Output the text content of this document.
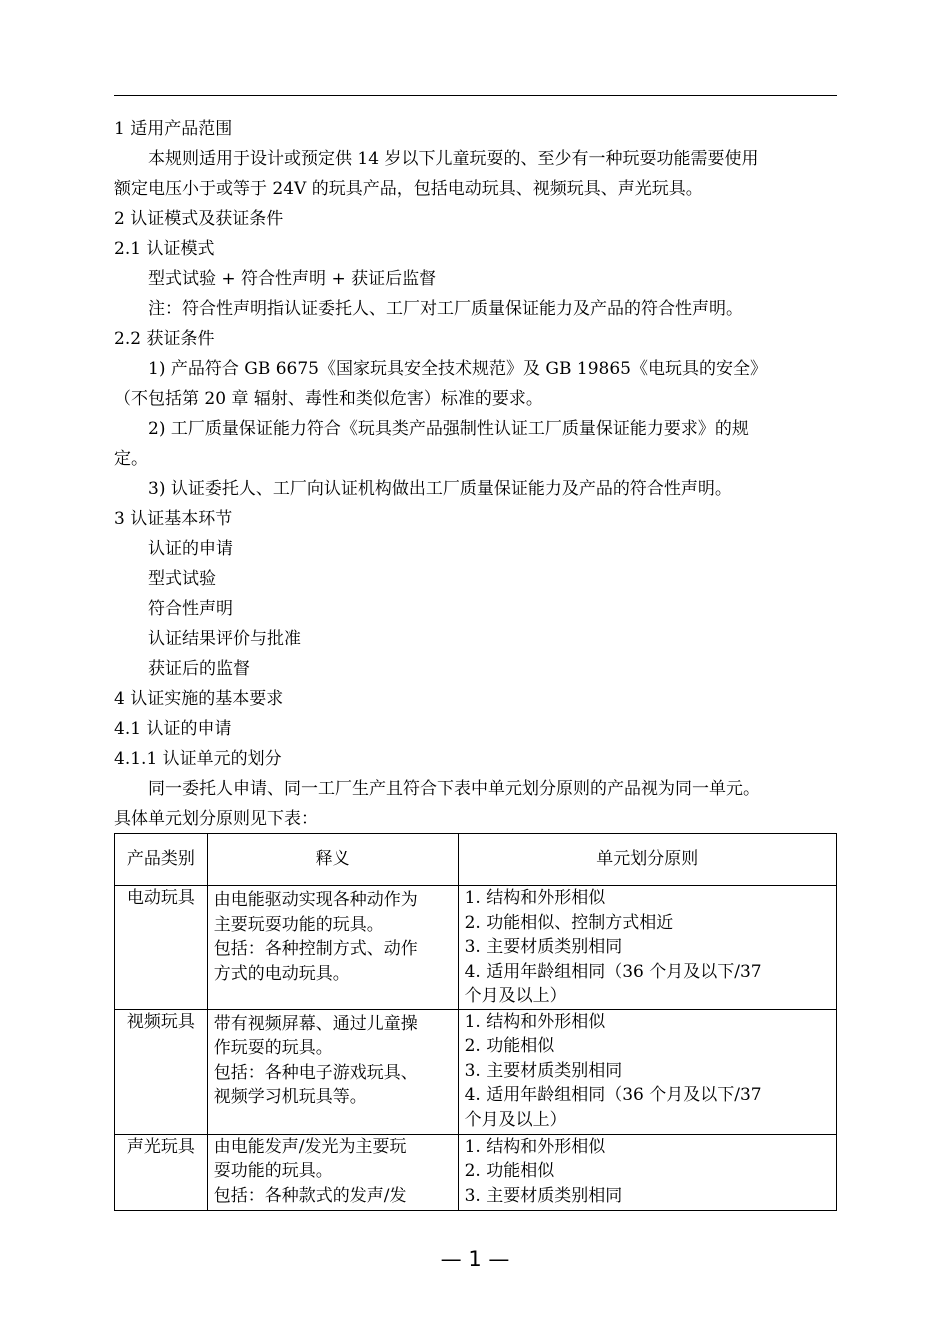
1 适用产品范围
本规则适用于设计或预定供 14 岁以下儿童玩耍的、至少有一种玩耍功能需要使用
额定电压小于或等于 24V 的玩具产品，包括电动玩具、视频玩具、声光玩具。
2 认证模式及获证条件
2.1 认证模式
型式试验 + 符合性声明 + 获证后监督
注：符合性声明指认证委托人、工厂对工厂质量保证能力及产品的符合性声明。
2.2 获证条件
1) 产品符合 GB 6675《国家玩具安全技术规范》及 GB 19865《电玩具的安全》
（不包括第 20 章 辐射、毒性和类似危害）标准的要求。
2) 工厂质量保证能力符合《玩具类产品强制性认证工厂质量保证能力要求》的规
定。
3) 认证委托人、工厂向认证机构做出工厂质量保证能力及产品的符合性声明。
3 认证基本环节
认证的申请
型式试验
符合性声明
认证结果评价与批准
获证后的监督
4 认证实施的基本要求
4.1 认证的申请
4.1.1 认证单元的划分
同一委托人申请、同一工厂生产且符合下表中单元划分原则的产品视为同一单元。
具体单元划分原则见下表：
产品类别	释义	单元划分原则
电动玩具	由电能驱动实现各种动作为
主要玩耍功能的玩具。
包括：各种控制方式、动作
方式的电动玩具。	1. 结构和外形相似
2. 功能相似、控制方式相近
3. 主要材质类别相同
4. 适用年龄组相同（36 个月及以下/37
个月及以上）

视频玩具	带有视频屏幕、通过儿童操
作玩耍的玩具。
包括：各种电子游戏玩具、
视频学习机玩具等。	1. 结构和外形相似
2. 功能相似
3. 主要材质类别相同
4. 适用年龄组相同（36 个月及以下/37
个月及以上）

声光玩具	由电能发声/发光为主要玩
耍功能的玩具。
包括：各种款式的发声/发	1. 结构和外形相似
2. 功能相似
3. 主要材质类别相同
— 1 —
